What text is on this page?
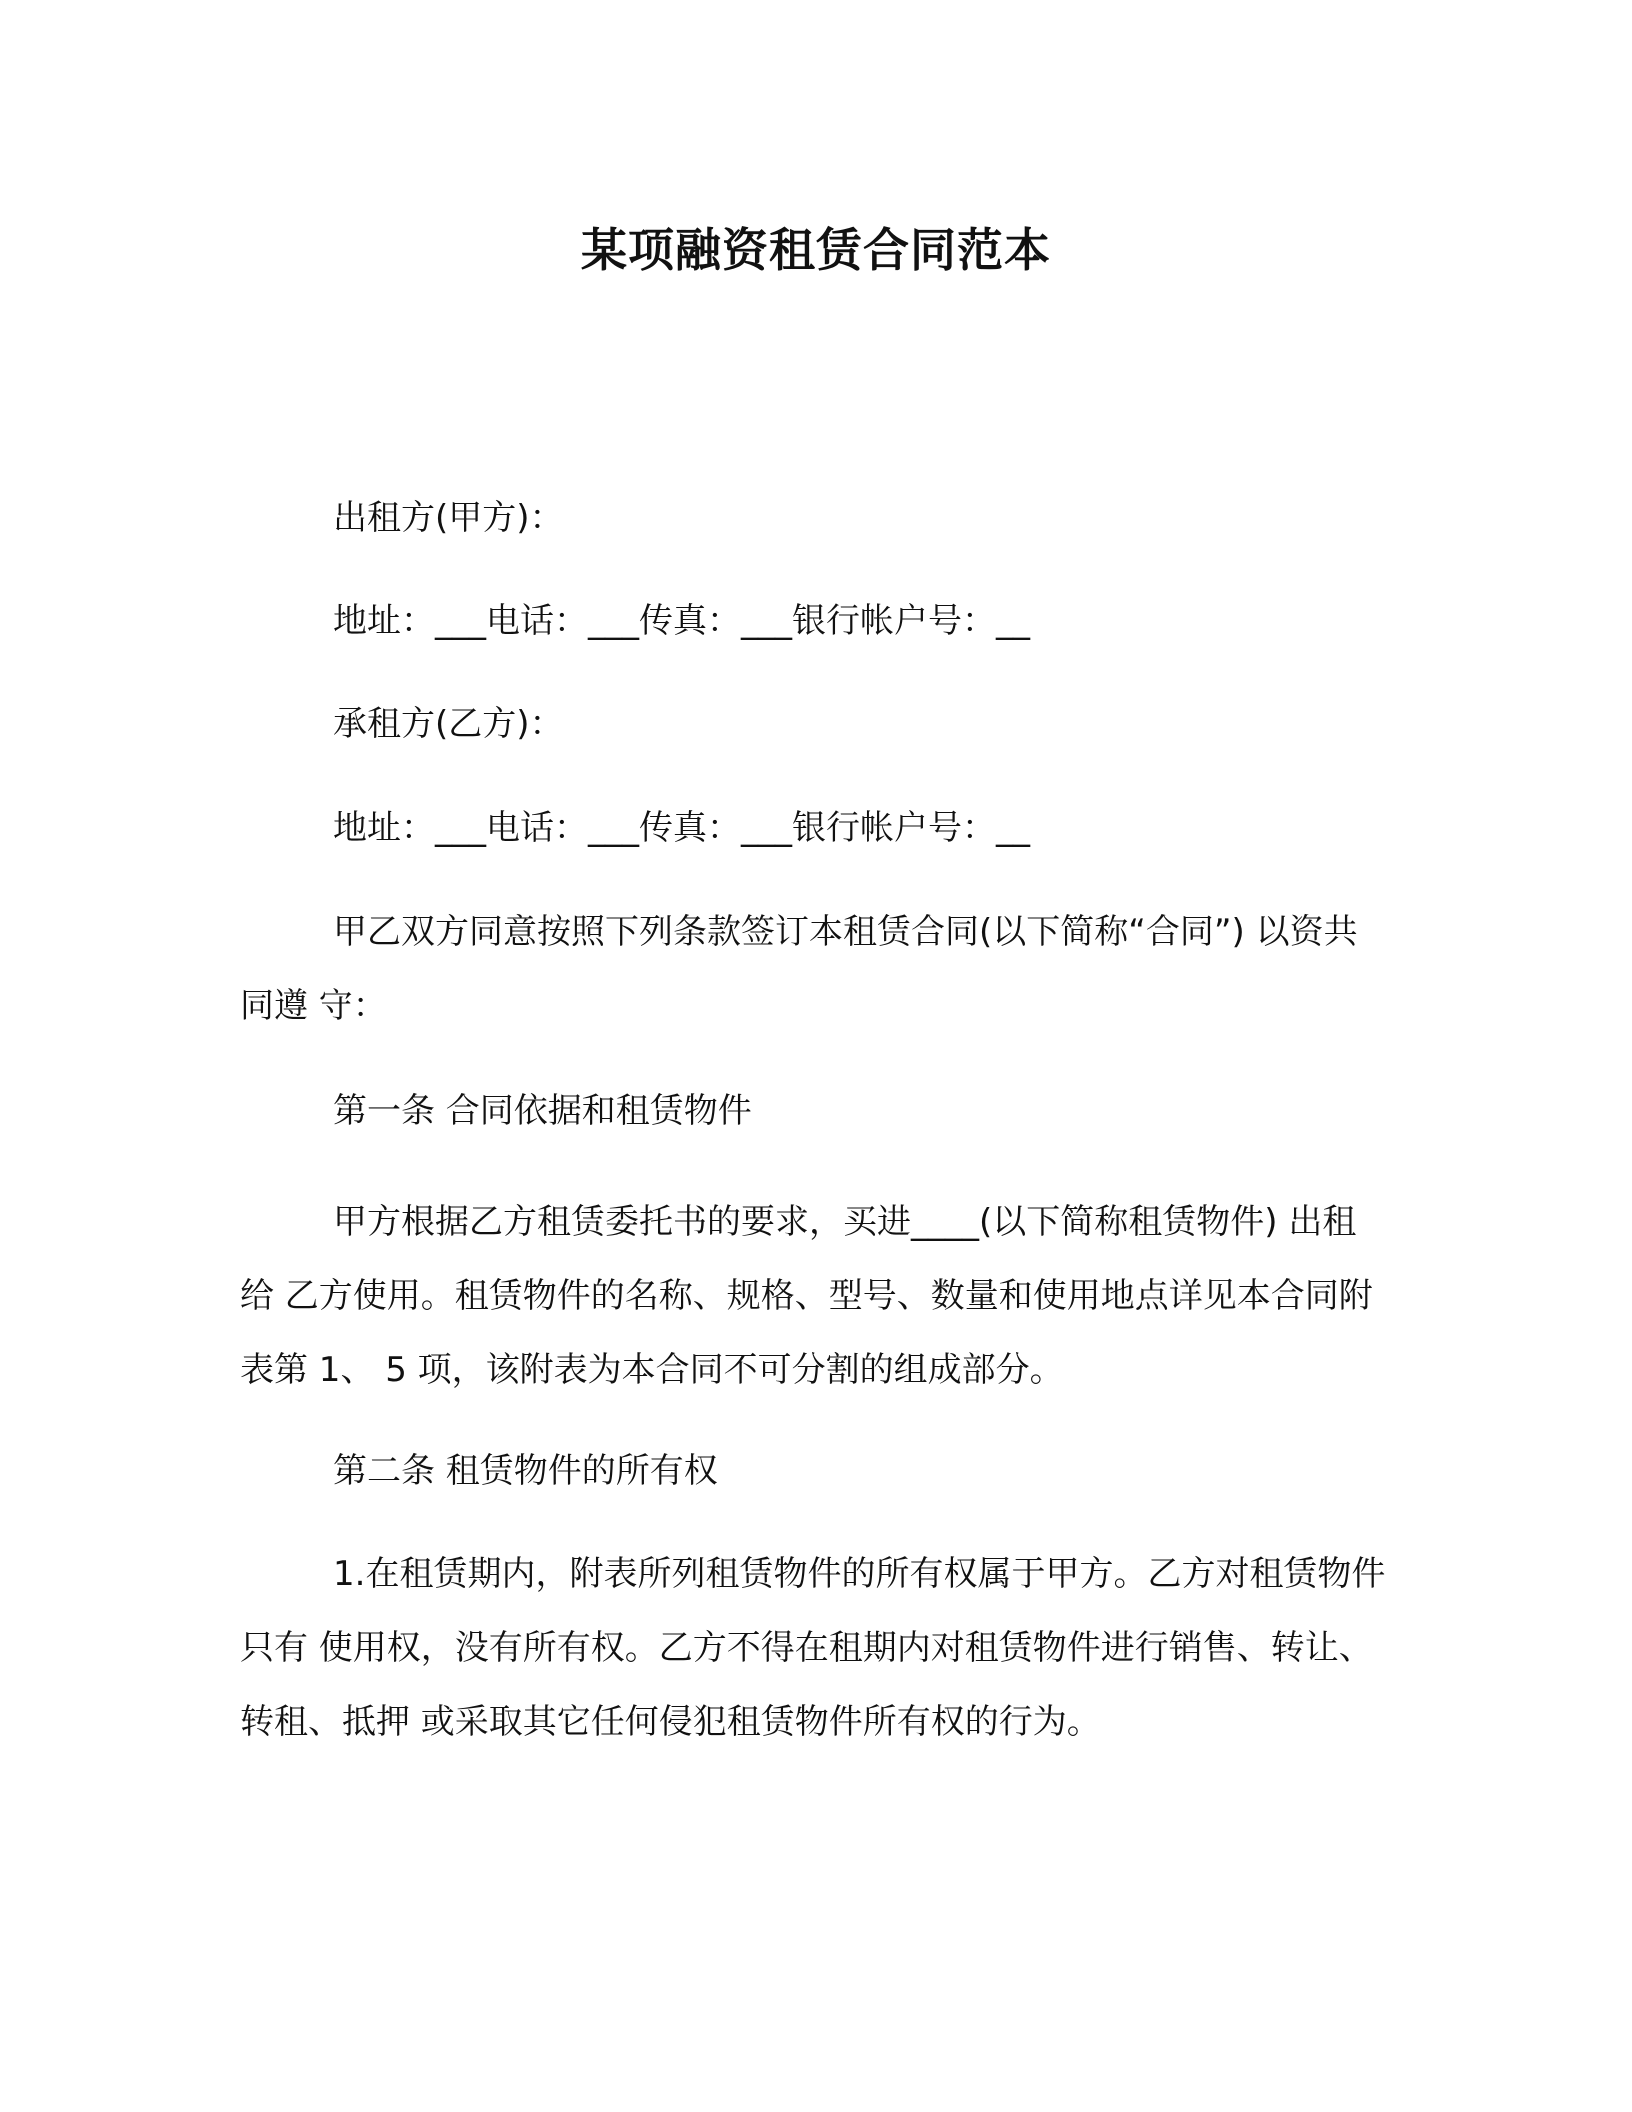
某项融资租赁合同范本
出租方(甲方)：
地址：___电话：___传真：___银行帐户号：__
承租方(乙方)：
地址：___电话：___传真：___银行帐户号：__
甲乙双方同意按照下列条款签订本租赁合同(以下简称“合同”) 以资共同遵 守：
第一条 合同依据和租赁物件
甲方根据乙方租赁委托书的要求，买进____(以下简称租赁物件) 出租给 乙方使用。租赁物件的名称、规格、型号、数量和使用地点详见本合同附表第 1、 5 项，该附表为本合同不可分割的组成部分。
第二条 租赁物件的所有权
1.在租赁期内，附表所列租赁物件的所有权属于甲方。乙方对租赁物件只有 使用权，没有所有权。乙方不得在租期内对租赁物件进行销售、转让、转租、抵押 或采取其它任何侵犯租赁物件所有权的行为。
